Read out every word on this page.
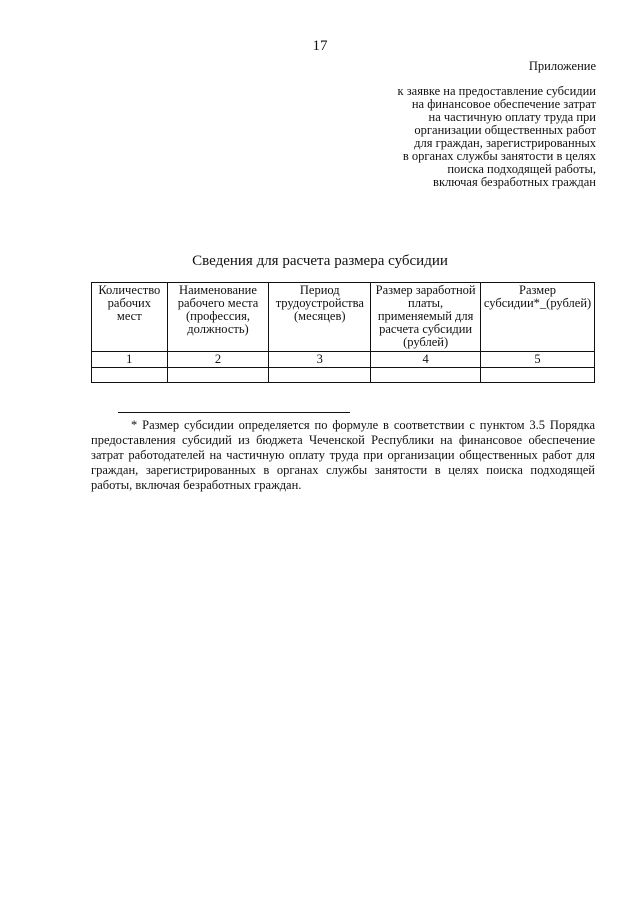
17
Приложение
к заявке на предоставление субсидии
на финансовое обеспечение затрат
на частичную оплату труда при
организации общественных работ
для граждан, зарегистрированных
в органах службы занятости в целях
поиска подходящей работы,
включая безработных граждан
Сведения для расчета размера субсидии
Количество рабочих мест	Наименование рабочего места (профессия, должность)	Период трудоустройства (месяцев)	Размер заработной платы, применяемый для расчета субсидии (рублей)	Размер субсидии*_(рублей)
1	2	3	4	5

* Размер субсидии определяется по формуле в соответствии с пунктом 3.5 Порядка предоставления субсидий из бюджета Чеченской Республики на финансовое обеспечение затрат работодателей на частичную оплату труда при организации общественных работ для граждан, зарегистрированных в органах службы занятости в целях поиска подходящей работы, включая безработных граждан.
